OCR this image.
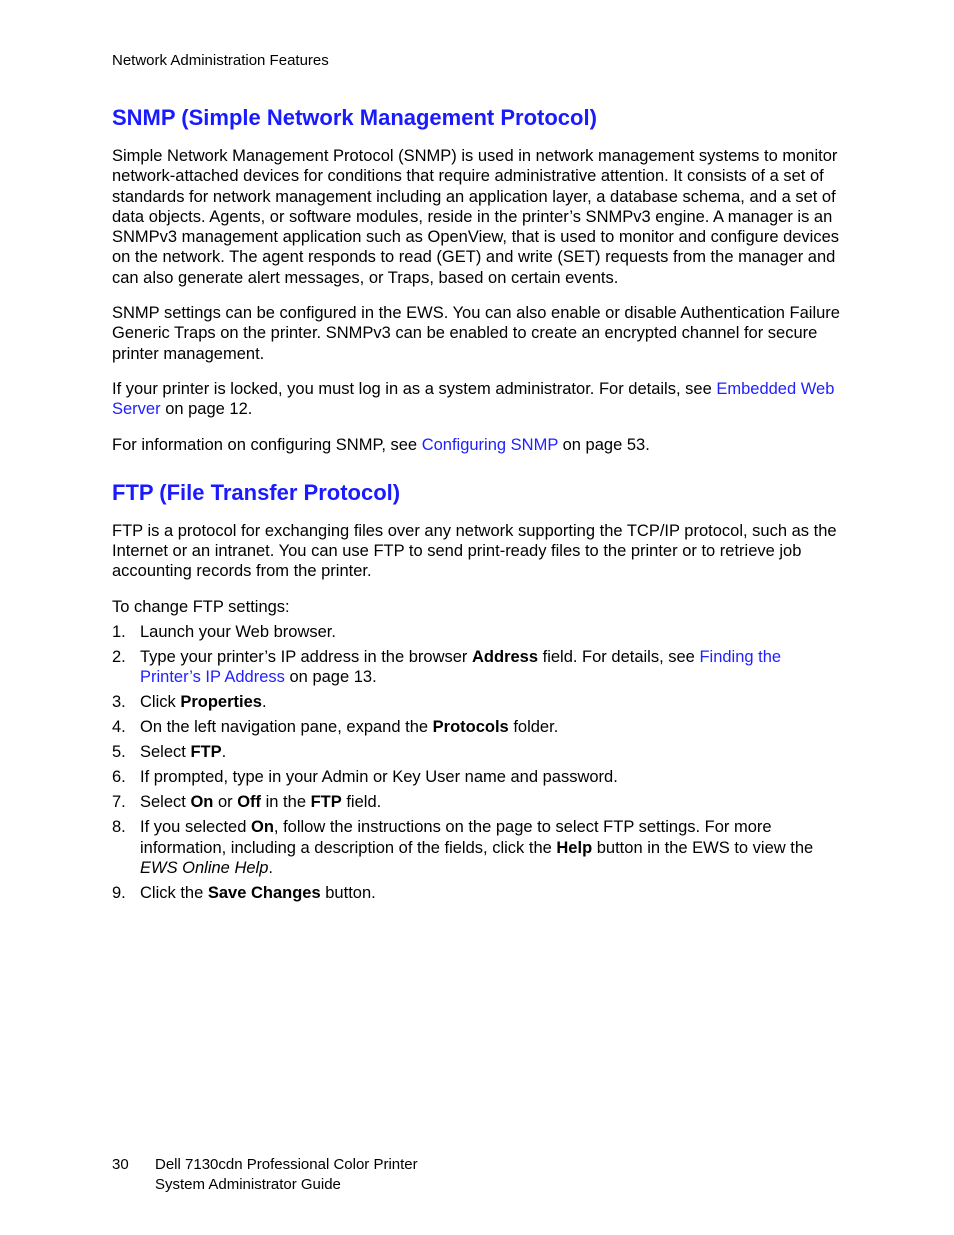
Network Administration Features
SNMP (Simple Network Management Protocol)

Simple Network Management Protocol (SNMP) is used in network management systems to monitor network-attached devices for conditions that require administrative attention. It consists of a set of standards for network management including an application layer, a database schema, and a set of data objects. Agents, or software modules, reside in the printer’s SNMPv3 engine. A manager is an SNMPv3 management application such as OpenView, that is used to monitor and configure devices on the network. The agent responds to read (GET) and write (SET) requests from the manager and can also generate alert messages, or Traps, based on certain events.

SNMP settings can be configured in the EWS. You can also enable or disable Authentication Failure Generic Traps on the printer. SNMPv3 can be enabled to create an encrypted channel for secure printer management.

If your printer is locked, you must log in as a system administrator. For details, see Embedded Web Server on page 12.

For information on configuring SNMP, see Configuring SNMP on page 53.

FTP (File Transfer Protocol)

FTP is a protocol for exchanging files over any network supporting the TCP/IP protocol, such as the Internet or an intranet. You can use FTP to send print-ready files to the printer or to retrieve job accounting records from the printer.

To change FTP settings:

1. Launch your Web browser.
2. Type your printer’s IP address in the browser Address field. For details, see Finding the Printer’s IP Address on page 13.
3. Click Properties.
4. On the left navigation pane, expand the Protocols folder.
5. Select FTP.
6. If prompted, type in your Admin or Key User name and password.
7. Select On or Off in the FTP field.
8. If you selected On, follow the instructions on the page to select FTP settings. For more information, including a description of the fields, click the Help button in the EWS to view the EWS Online Help.
9. Click the Save Changes button.
30 Dell 7130cdn Professional Color Printer
System Administrator Guide
